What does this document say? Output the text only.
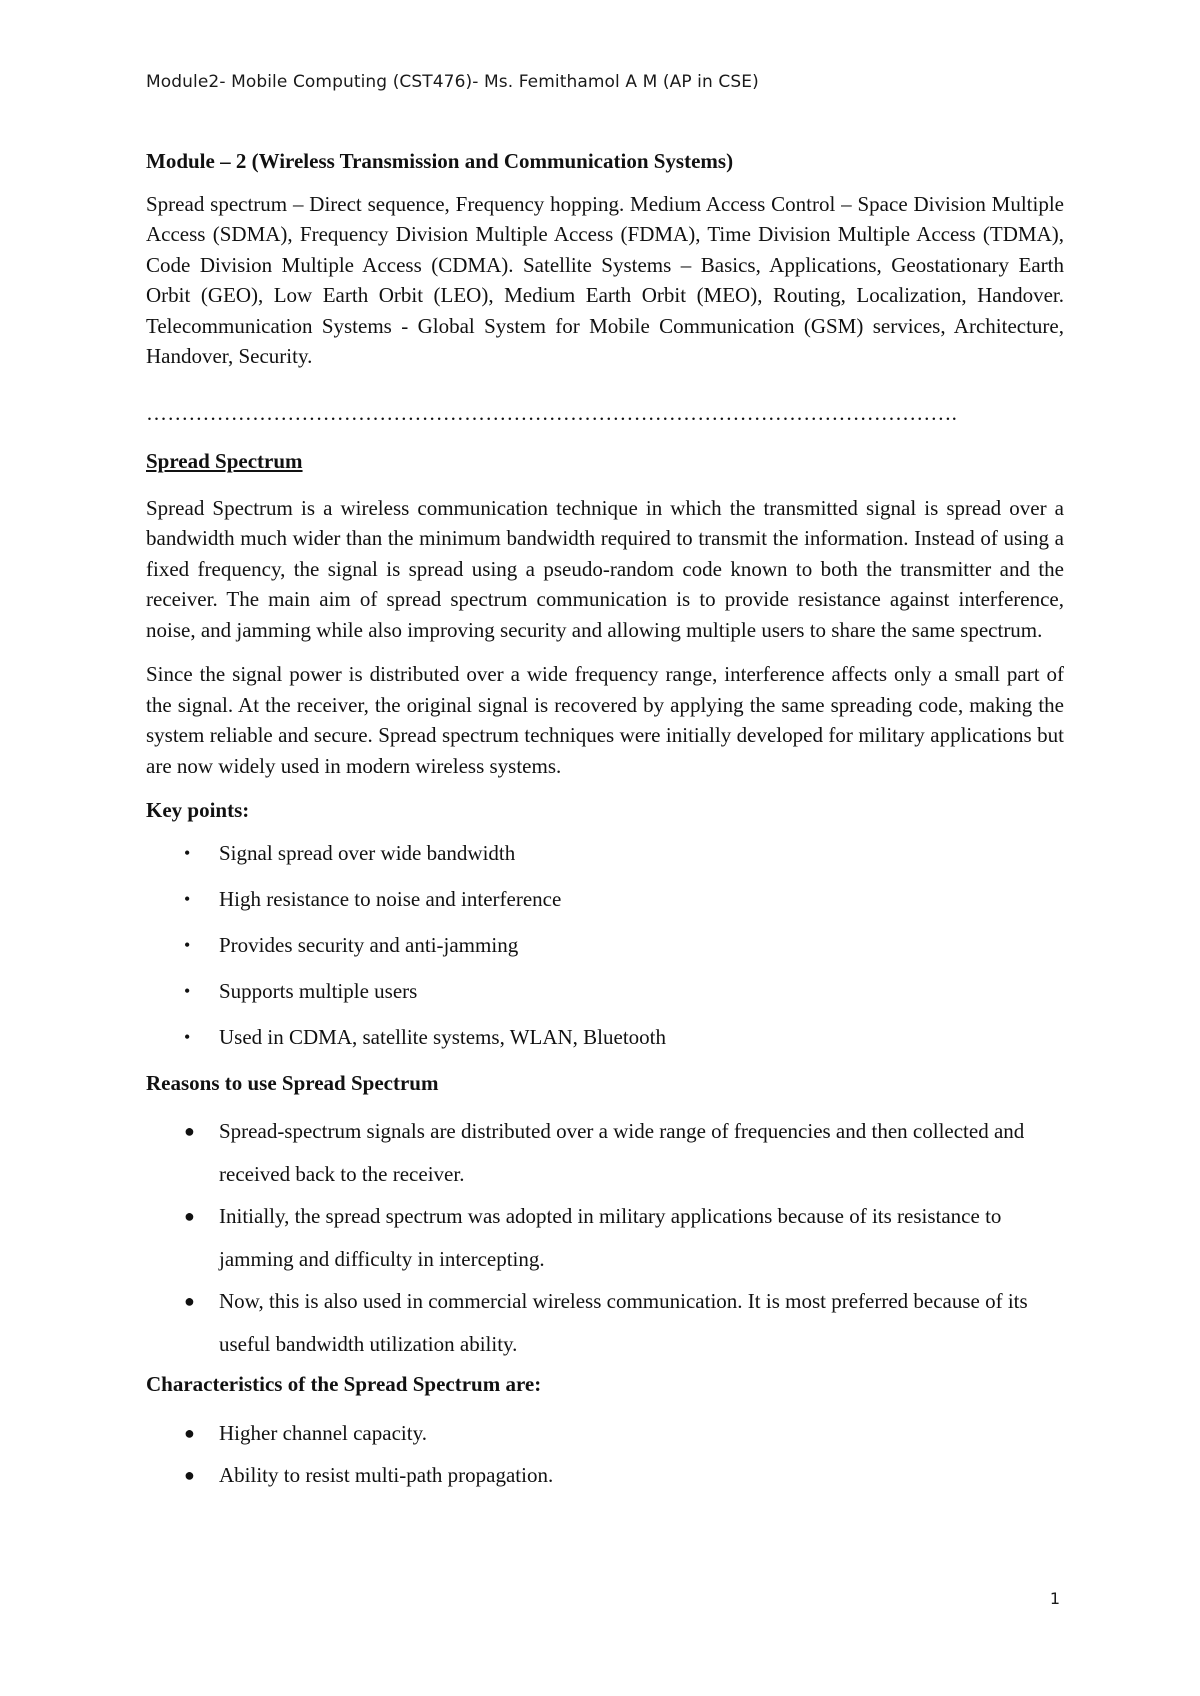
Module2- Mobile Computing (CST476)- Ms. Femithamol A M (AP in CSE)

Module – 2 (Wireless Transmission and Communication Systems)

Spread spectrum – Direct sequence, Frequency hopping. Medium Access Control – Space Division Multiple Access (SDMA), Frequency Division Multiple Access (FDMA), Time Division Multiple Access (TDMA), Code Division Multiple Access (CDMA). Satellite Systems – Basics, Applications, Geostationary Earth Orbit (GEO), Low Earth Orbit (LEO), Medium Earth Orbit (MEO), Routing, Localization, Handover. Telecommunication Systems - Global System for Mobile Communication (GSM) services, Architecture, Handover, Security.

…………………………………………………………………………………………………….

Spread Spectrum

Spread Spectrum is a wireless communication technique in which the transmitted signal is spread over a bandwidth much wider than the minimum bandwidth required to transmit the information. Instead of using a fixed frequency, the signal is spread using a pseudo-random code known to both the transmitter and the receiver. The main aim of spread spectrum communication is to provide resistance against interference, noise, and jamming while also improving security and allowing multiple users to share the same spectrum.

Since the signal power is distributed over a wide frequency range, interference affects only a small part of the signal. At the receiver, the original signal is recovered by applying the same spreading code, making the system reliable and secure. Spread spectrum techniques were initially developed for military applications but are now widely used in modern wireless systems.

Key points:

• Signal spread over wide bandwidth
• High resistance to noise and interference
• Provides security and anti-jamming
• Supports multiple users
• Used in CDMA, satellite systems, WLAN, Bluetooth

Reasons to use Spread Spectrum

● Spread-spectrum signals are distributed over a wide range of frequencies and then collected and received back to the receiver.
● Initially, the spread spectrum was adopted in military applications because of its resistance to jamming and difficulty in intercepting.
● Now, this is also used in commercial wireless communication. It is most preferred because of its useful bandwidth utilization ability.

Characteristics of the Spread Spectrum are:

● Higher channel capacity.
● Ability to resist multi-path propagation.
1
